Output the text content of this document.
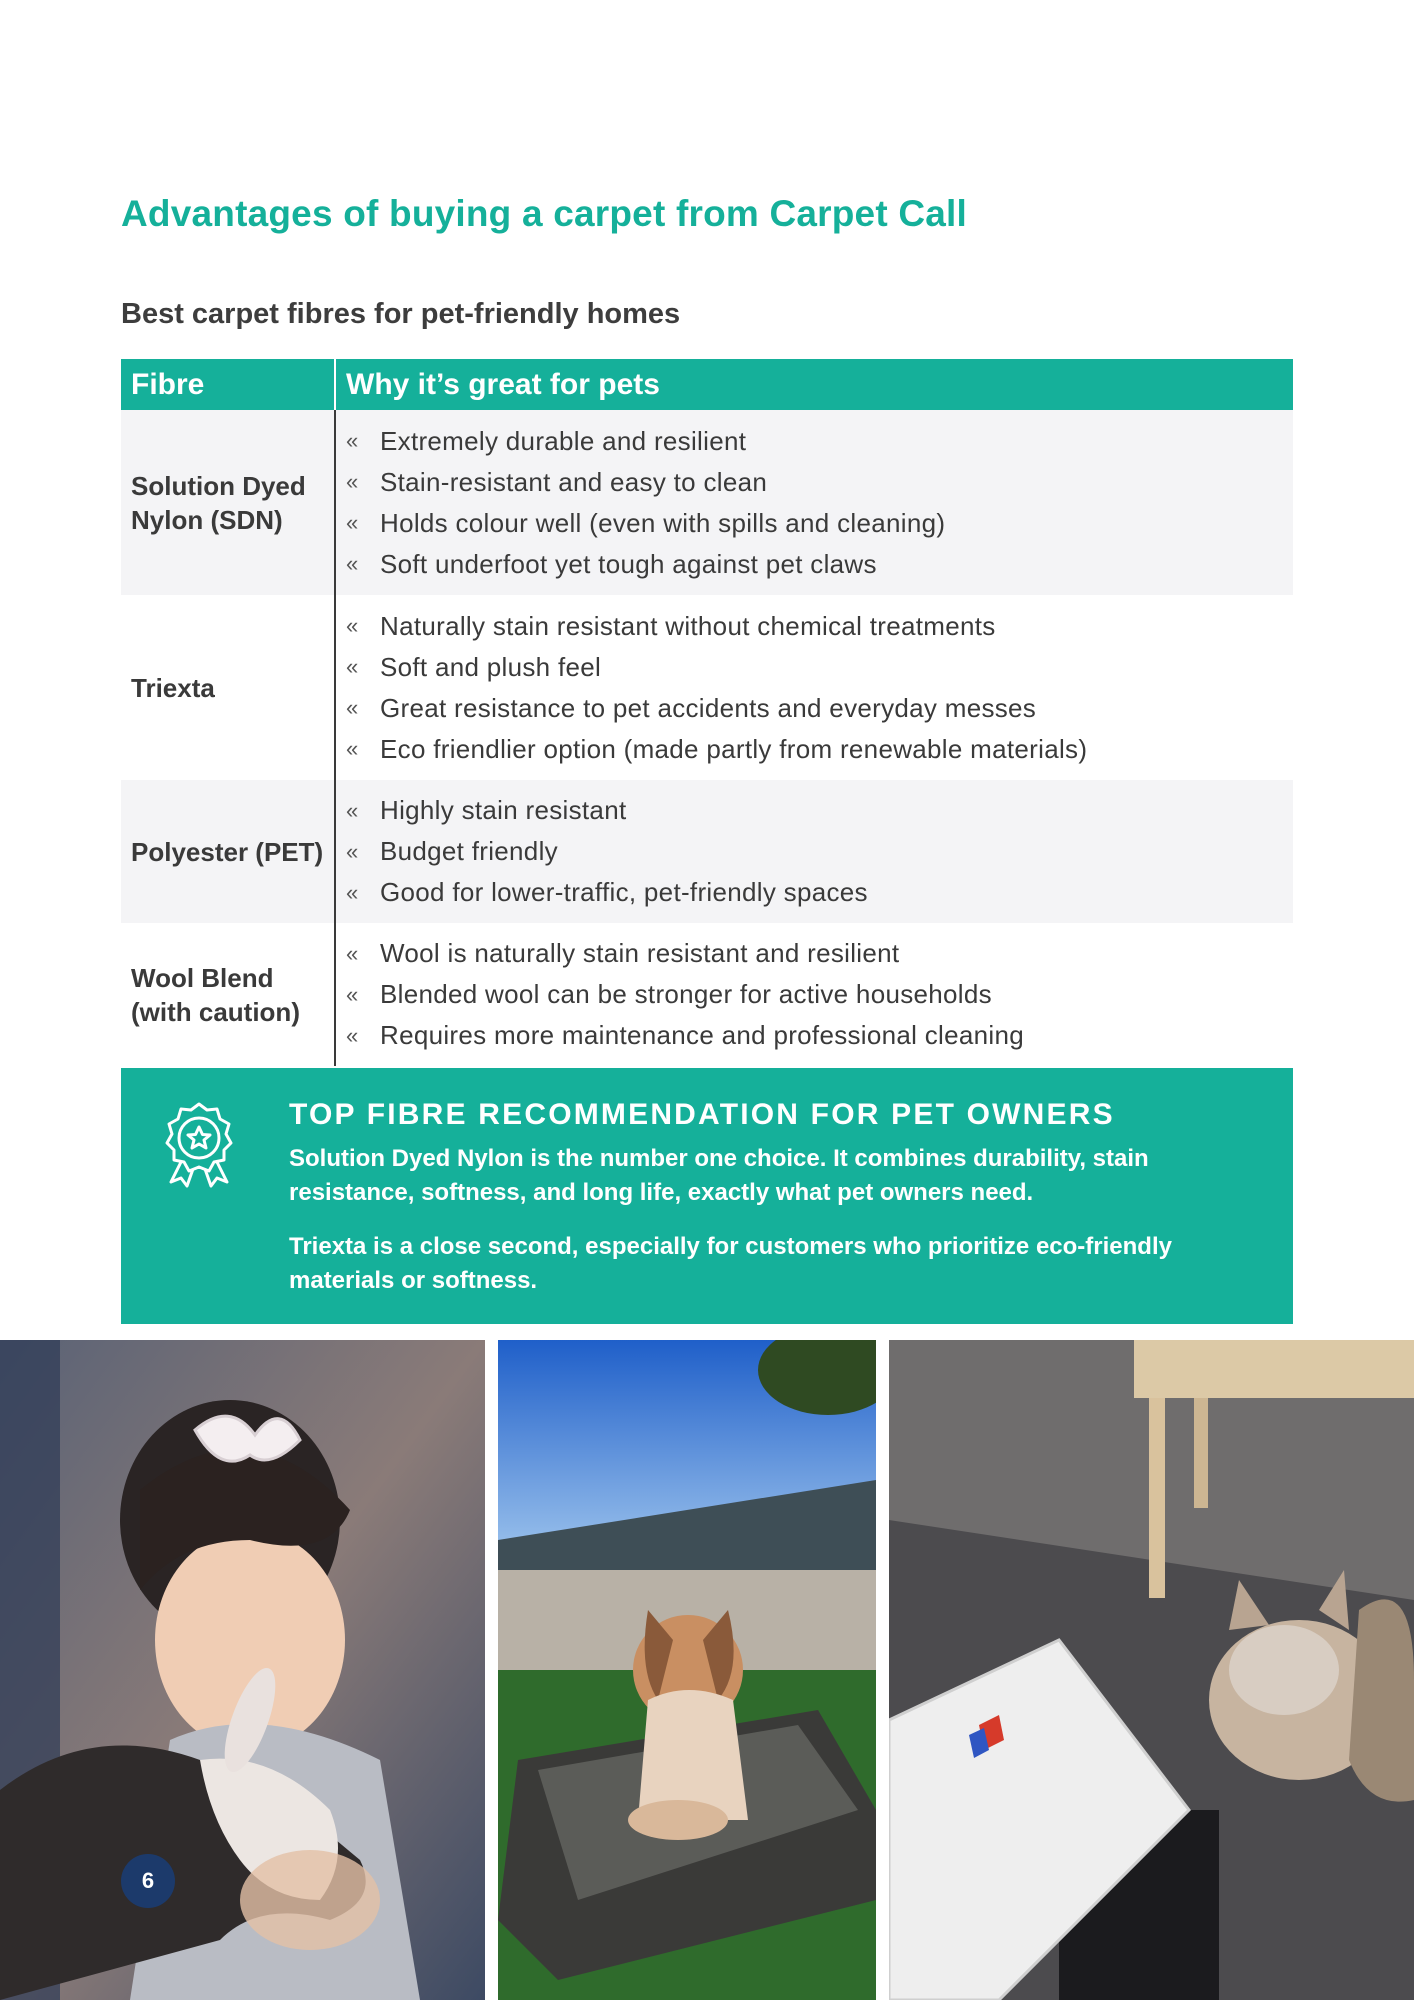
Advantages of buying a carpet from Carpet Call
Best carpet fibres for pet-friendly homes
Fibre	Why it’s great for pets
Solution Dyed Nylon (SDN)
« Extremely durable and resilient
« Stain-resistant and easy to clean
« Holds colour well (even with spills and cleaning)
« Soft underfoot yet tough against pet claws
Triexta
« Naturally stain resistant without chemical treatments
« Soft and plush feel
« Great resistance to pet accidents and everyday messes
« Eco friendlier option (made partly from renewable materials)
Polyester (PET)
« Highly stain resistant
« Budget friendly
« Good for lower-traffic, pet-friendly spaces
Wool Blend (with caution)
« Wool is naturally stain resistant and resilient
« Blended wool can be stronger for active households
« Requires more maintenance and professional cleaning
TOP FIBRE RECOMMENDATION FOR PET OWNERS

Solution Dyed Nylon is the number one choice. It combines durability, stain resistance, softness, and long life, exactly what pet owners need.

Triexta is a close second, especially for customers who prioritize eco-friendly materials or softness.

6
